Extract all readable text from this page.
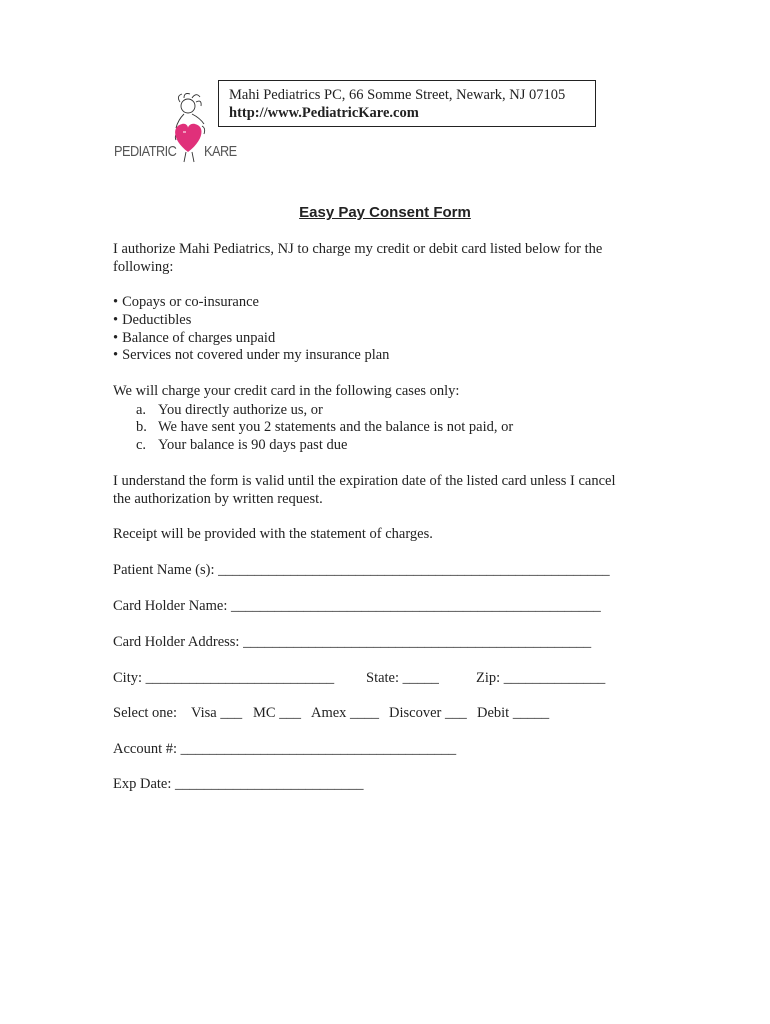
PEDIATRIC KARE
Mahi Pediatrics PC, 66 Somme Street, Newark, NJ 07105
http://www.PediatricKare.com
Easy Pay Consent Form
I authorize Mahi Pediatrics, NJ to charge my credit or debit card listed below for the
following:
• Copays or co-insurance
• Deductibles
• Balance of charges unpaid
• Services not covered under my insurance plan
We will charge your credit card in the following cases only:
a. You directly authorize us, or
b. We have sent you 2 statements and the balance is not paid, or
c. Your balance is 90 days past due
I understand the form is valid until the expiration date of the listed card unless I cancel
the authorization by written request.
Receipt will be provided with the statement of charges.
Patient Name (s): ______________________________________________________
Card Holder Name: ___________________________________________________
Card Holder Address: ________________________________________________
City: __________________________ State: _____	Zip: ______________
Select one: Visa ___ MC ___ Amex ____ Discover ___ Debit _____
Account #: ______________________________________
Exp Date: __________________________
